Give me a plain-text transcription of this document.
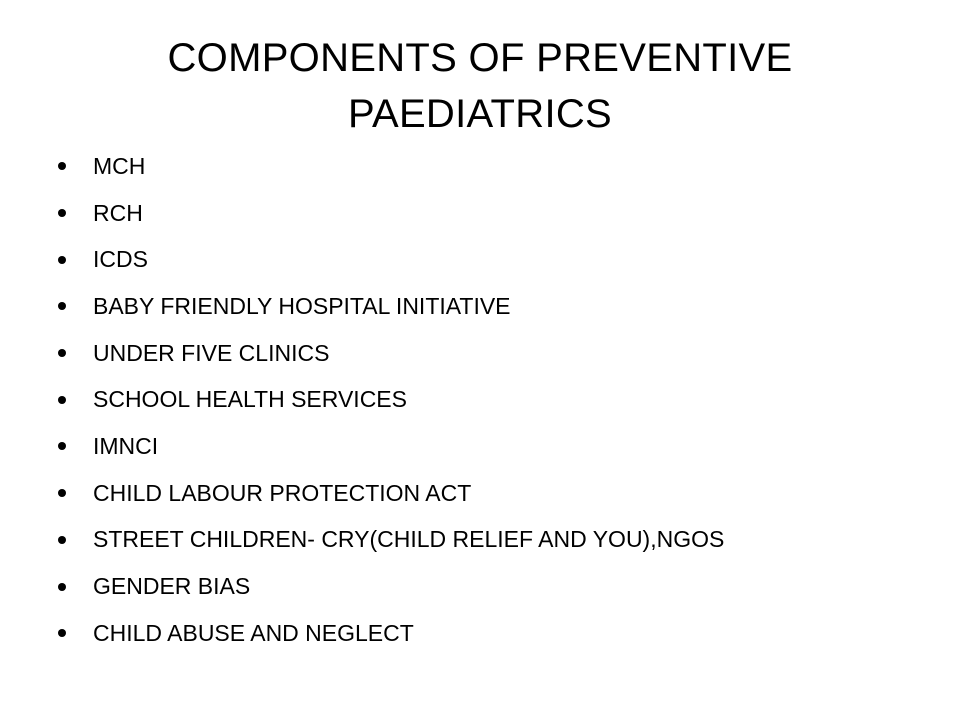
COMPONENTS OF PREVENTIVE PAEDIATRICS
MCH
RCH
ICDS
BABY FRIENDLY HOSPITAL INITIATIVE
UNDER FIVE CLINICS
SCHOOL HEALTH SERVICES
IMNCI
CHILD LABOUR PROTECTION ACT
STREET CHILDREN- CRY(CHILD RELIEF AND YOU),NGOS
GENDER BIAS
CHILD ABUSE AND NEGLECT
